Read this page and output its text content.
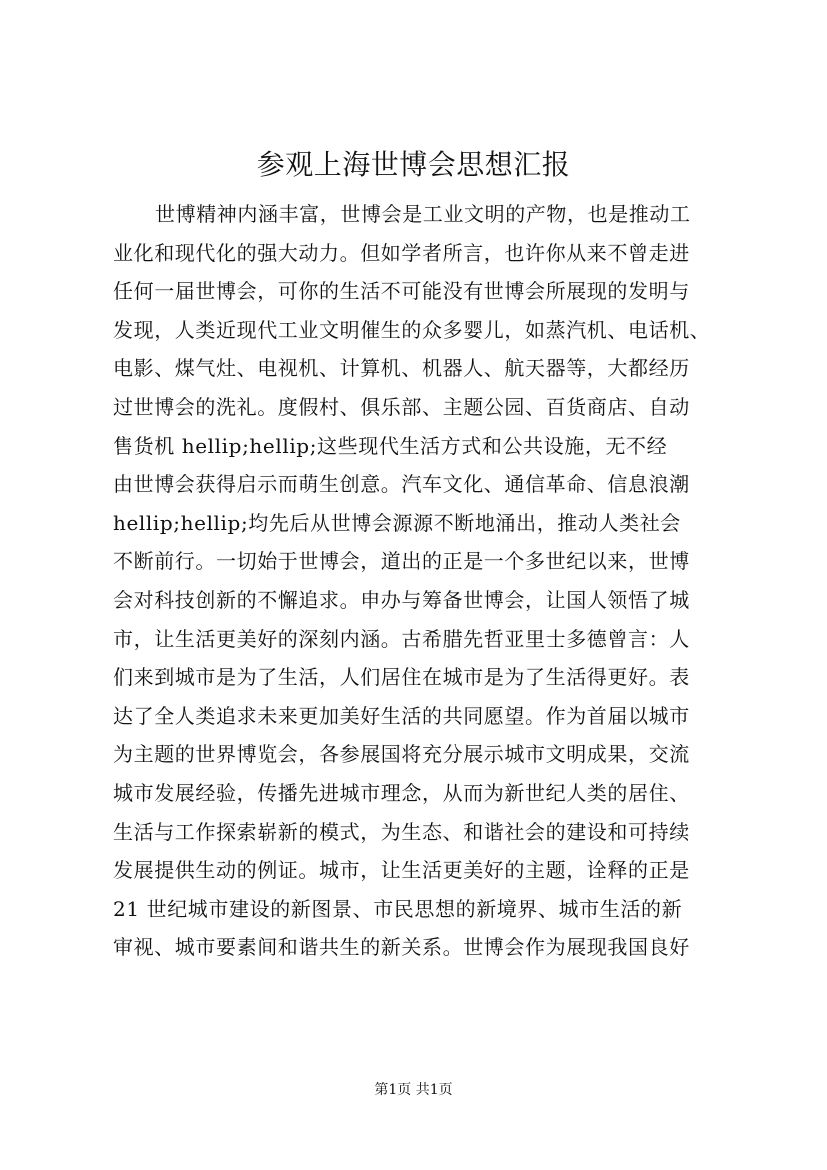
参观上海世博会思想汇报
世博精神内涵丰富，世博会是工业文明的产物，也是推动工
业化和现代化的强大动力。但如学者所言，也许你从来不曾走进
任何一届世博会，可你的生活不可能没有世博会所展现的发明与
发现，人类近现代工业文明催生的众多婴儿，如蒸汽机、电话机、
电影、煤气灶、电视机、计算机、机器人、航天器等，大都经历
过世博会的洗礼。度假村、俱乐部、主题公园、百货商店、自动
售货机 hellip;hellip;这些现代生活方式和公共设施，无不经
由世博会获得启示而萌生创意。汽车文化、通信革命、信息浪潮
hellip;hellip;均先后从世博会源源不断地涌出，推动人类社会
不断前行。一切始于世博会，道出的正是一个多世纪以来，世博
会对科技创新的不懈追求。申办与筹备世博会，让国人领悟了城
市，让生活更美好的深刻内涵。古希腊先哲亚里士多德曾言：人
们来到城市是为了生活，人们居住在城市是为了生活得更好。表
达了全人类追求未来更加美好生活的共同愿望。作为首届以城市
为主题的世界博览会，各参展国将充分展示城市文明成果，交流
城市发展经验，传播先进城市理念，从而为新世纪人类的居住、
生活与工作探索崭新的模式，为生态、和谐社会的建设和可持续
发展提供生动的例证。城市，让生活更美好的主题，诠释的正是
21 世纪城市建设的新图景、市民思想的新境界、城市生活的新
审视、城市要素间和谐共生的新关系。世博会作为展现我国良好
第1页 共1页
